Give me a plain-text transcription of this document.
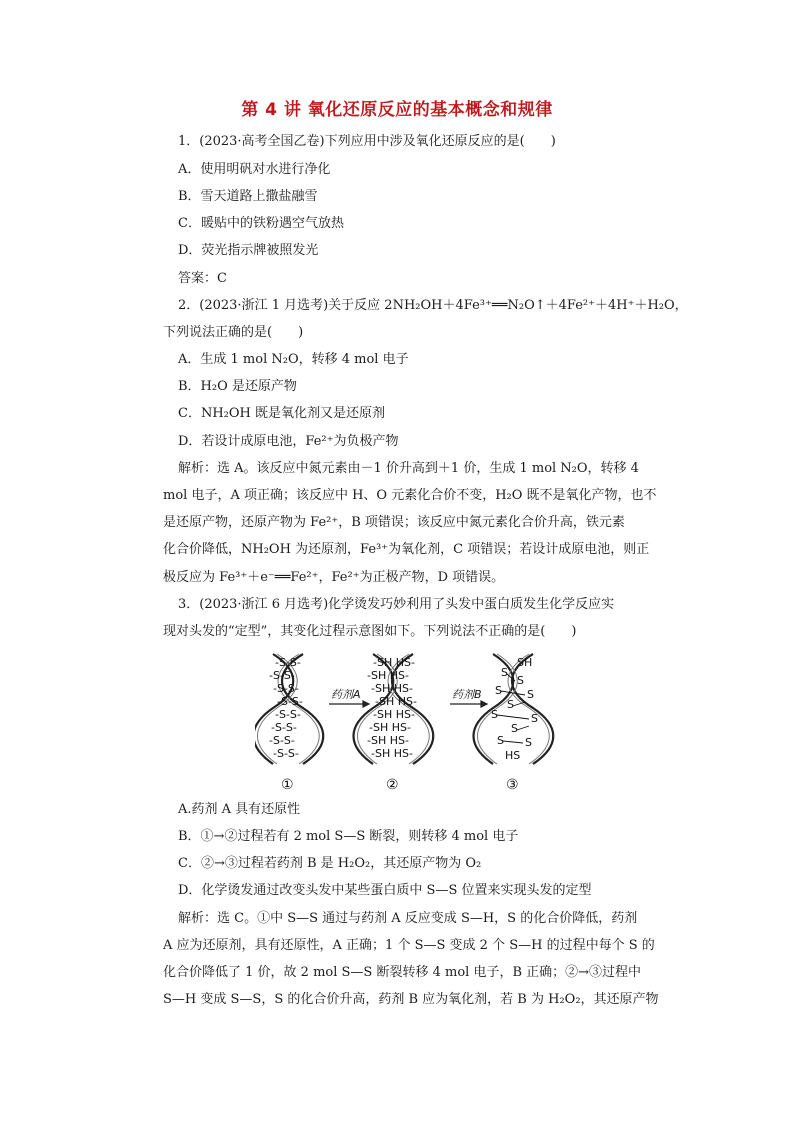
第 4 讲 氧化还原反应的基本概念和规律
1．(2023·高考全国乙卷)下列应用中涉及氧化还原反应的是(　　)
A．使用明矾对水进行净化
B．雪天道路上撒盐融雪
C．暖贴中的铁粉遇空气放热
D．荧光指示牌被照发光
答案：C
2．(2023·浙江 1 月选考)关于反应 2NH₂OH＋4Fe³⁺══N₂O↑＋4Fe²⁺＋4H⁺＋H₂O，
下列说法正确的是(　　)
A．生成 1 mol N₂O，转移 4 mol 电子
B．H₂O 是还原产物
C．NH₂OH 既是氧化剂又是还原剂
D．若设计成原电池，Fe²⁺为负极产物
解析：选 A。该反应中氮元素由－1 价升高到＋1 价，生成 1 mol N₂O，转移 4
mol 电子，A 项正确；该反应中 H、O 元素化合价不变，H₂O 既不是氧化产物，也不
是还原产物，还原产物为 Fe²⁺，B 项错误；该反应中氮元素化合价升高，铁元素
化合价降低，NH₂OH 为还原剂，Fe³⁺为氧化剂，C 项错误；若设计成原电池，则正
极反应为 Fe³⁺＋e⁻══Fe²⁺，Fe²⁺为正极产物，D 项错误。
3．(2023·浙江 6 月选考)化学烫发巧妙利用了头发中蛋白质发生化学反应实
现对头发的“定型”，其变化过程示意图如下。下列说法不正确的是(　　)
-S-S-
-S-S-
-S-S-
-S-S-
-S-S-
-S-S-
-S-S-
-S-S-
-SH HS-
-SH HS-
-SH HS-
-SH HS-
-SH HS-
-SH HS-
-SH HS-
-SH HS-
SH
S
S
S S
S
S	S
S
S S
HS
药剂A	药剂B
①	②	③
A.药剂 A 具有还原性
B．①→②过程若有 2 mol S—S 断裂，则转移 4 mol 电子
C．②→③过程若药剂 B 是 H₂O₂，其还原产物为 O₂
D．化学烫发通过改变头发中某些蛋白质中 S—S 位置来实现头发的定型
解析：选 C。①中 S—S 通过与药剂 A 反应变成 S—H，S 的化合价降低，药剂
A 应为还原剂，具有还原性，A 正确；1 个 S—S 变成 2 个 S—H 的过程中每个 S 的
化合价降低了 1 价，故 2 mol S—S 断裂转移 4 mol 电子，B 正确；②→③过程中
S—H 变成 S—S，S 的化合价升高，药剂 B 应为氧化剂，若 B 为 H₂O₂，其还原产物
